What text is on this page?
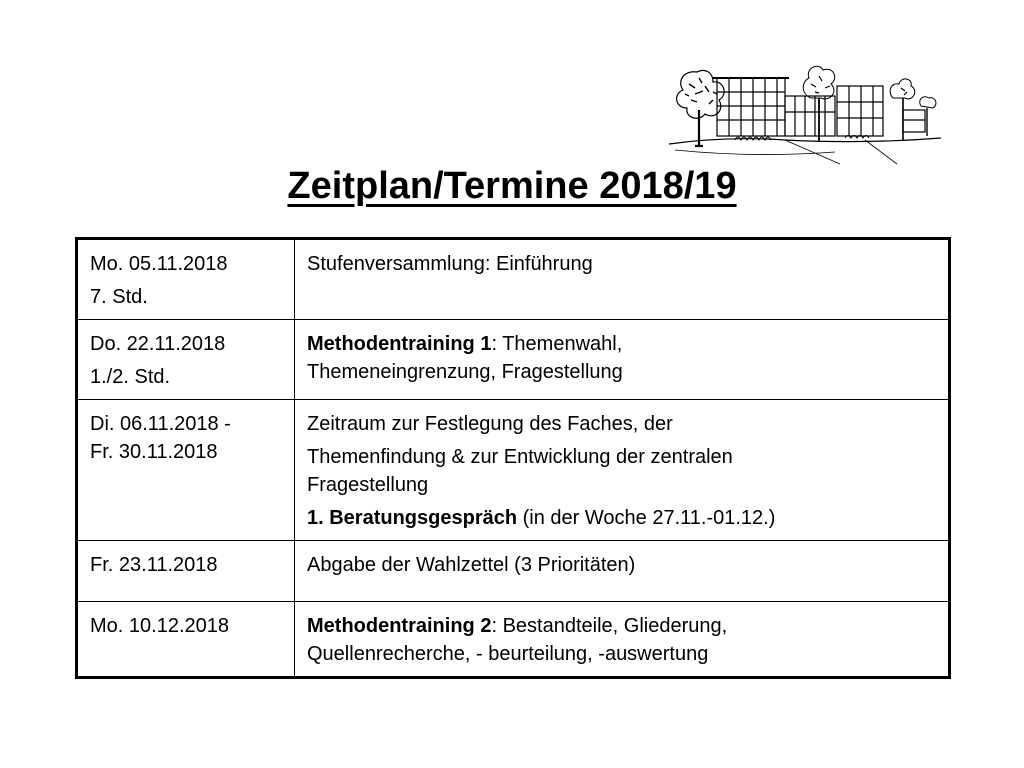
Zeitplan/Termine 2018/19
Mo. 05.11.2018
7. Std.	Stufenversammlung: Einführung

Do. 22.11.2018
1./2. Std.	Methodentraining 1: Themenwahl,
Themeneingrenzung, Fragestellung

Di. 06.11.2018 -
Fr. 30.11.2018	Zeitraum zur Festlegung des Faches, der
Themenfindung & zur Entwicklung der zentralen
Fragestellung
1. Beratungsgespräch (in der Woche 27.11.-01.12.)

Fr. 23.11.2018	Abgabe der Wahlzettel (3 Prioritäten)

Mo. 10.12.2018	Methodentraining 2: Bestandteile, Gliederung,
Quellenrecherche, - beurteilung, -auswertung
